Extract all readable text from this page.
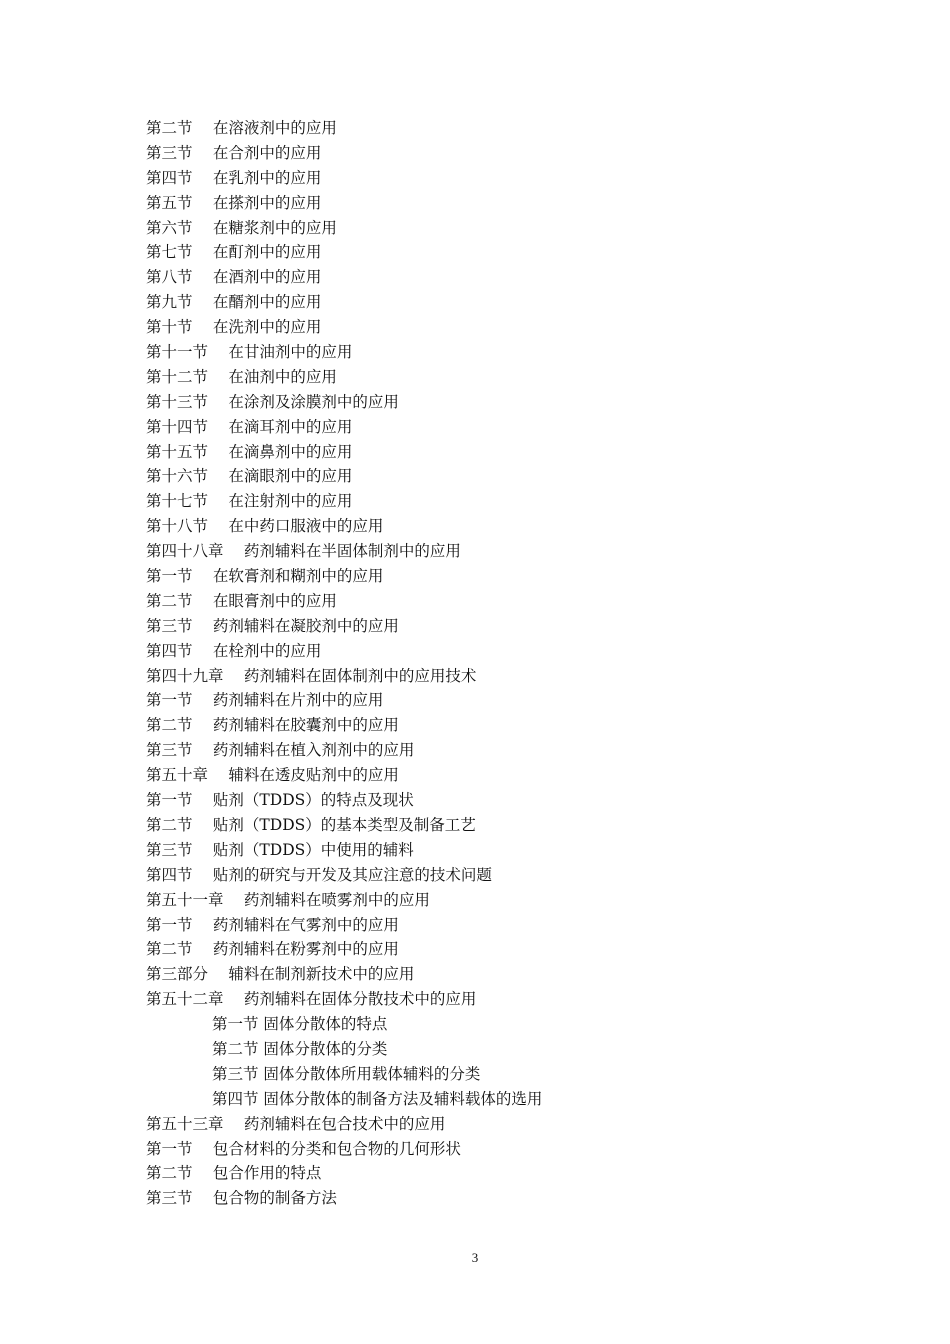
第二节　 在溶液剂中的应用
第三节　 在合剂中的应用
第四节　 在乳剂中的应用
第五节　 在搽剂中的应用
第六节　 在糖浆剂中的应用
第七节　 在酊剂中的应用
第八节　 在酒剂中的应用
第九节　 在醑剂中的应用
第十节　 在洗剂中的应用
第十一节　 在甘油剂中的应用
第十二节　 在油剂中的应用
第十三节　 在涂剂及涂膜剂中的应用
第十四节　 在滴耳剂中的应用
第十五节　 在滴鼻剂中的应用
第十六节　 在滴眼剂中的应用
第十七节　 在注射剂中的应用
第十八节　 在中药口服液中的应用
第四十八章　 药剂辅料在半固体制剂中的应用
第一节　 在软膏剂和糊剂中的应用
第二节　 在眼膏剂中的应用
第三节　 药剂辅料在凝胶剂中的应用
第四节　 在栓剂中的应用
第四十九章　 药剂辅料在固体制剂中的应用技术
第一节　 药剂辅料在片剂中的应用
第二节　 药剂辅料在胶囊剂中的应用
第三节　 药剂辅料在植入剂剂中的应用
第五十章　 辅料在透皮贴剂中的应用
第一节　 贴剂（TDDS）的特点及现状
第二节　 贴剂（TDDS）的基本类型及制备工艺
第三节　 贴剂（TDDS）中使用的辅料
第四节　 贴剂的研究与开发及其应注意的技术问题
第五十一章　 药剂辅料在喷雾剂中的应用
第一节　 药剂辅料在气雾剂中的应用
第二节　 药剂辅料在粉雾剂中的应用
第三部分　 辅料在制剂新技术中的应用
第五十二章　 药剂辅料在固体分散技术中的应用
第一节 固体分散体的特点
第二节 固体分散体的分类
第三节 固体分散体所用载体辅料的分类
第四节 固体分散体的制备方法及辅料载体的选用
第五十三章　 药剂辅料在包合技术中的应用
第一节　 包合材料的分类和包合物的几何形状
第二节　 包合作用的特点
第三节　 包合物的制备方法
3
